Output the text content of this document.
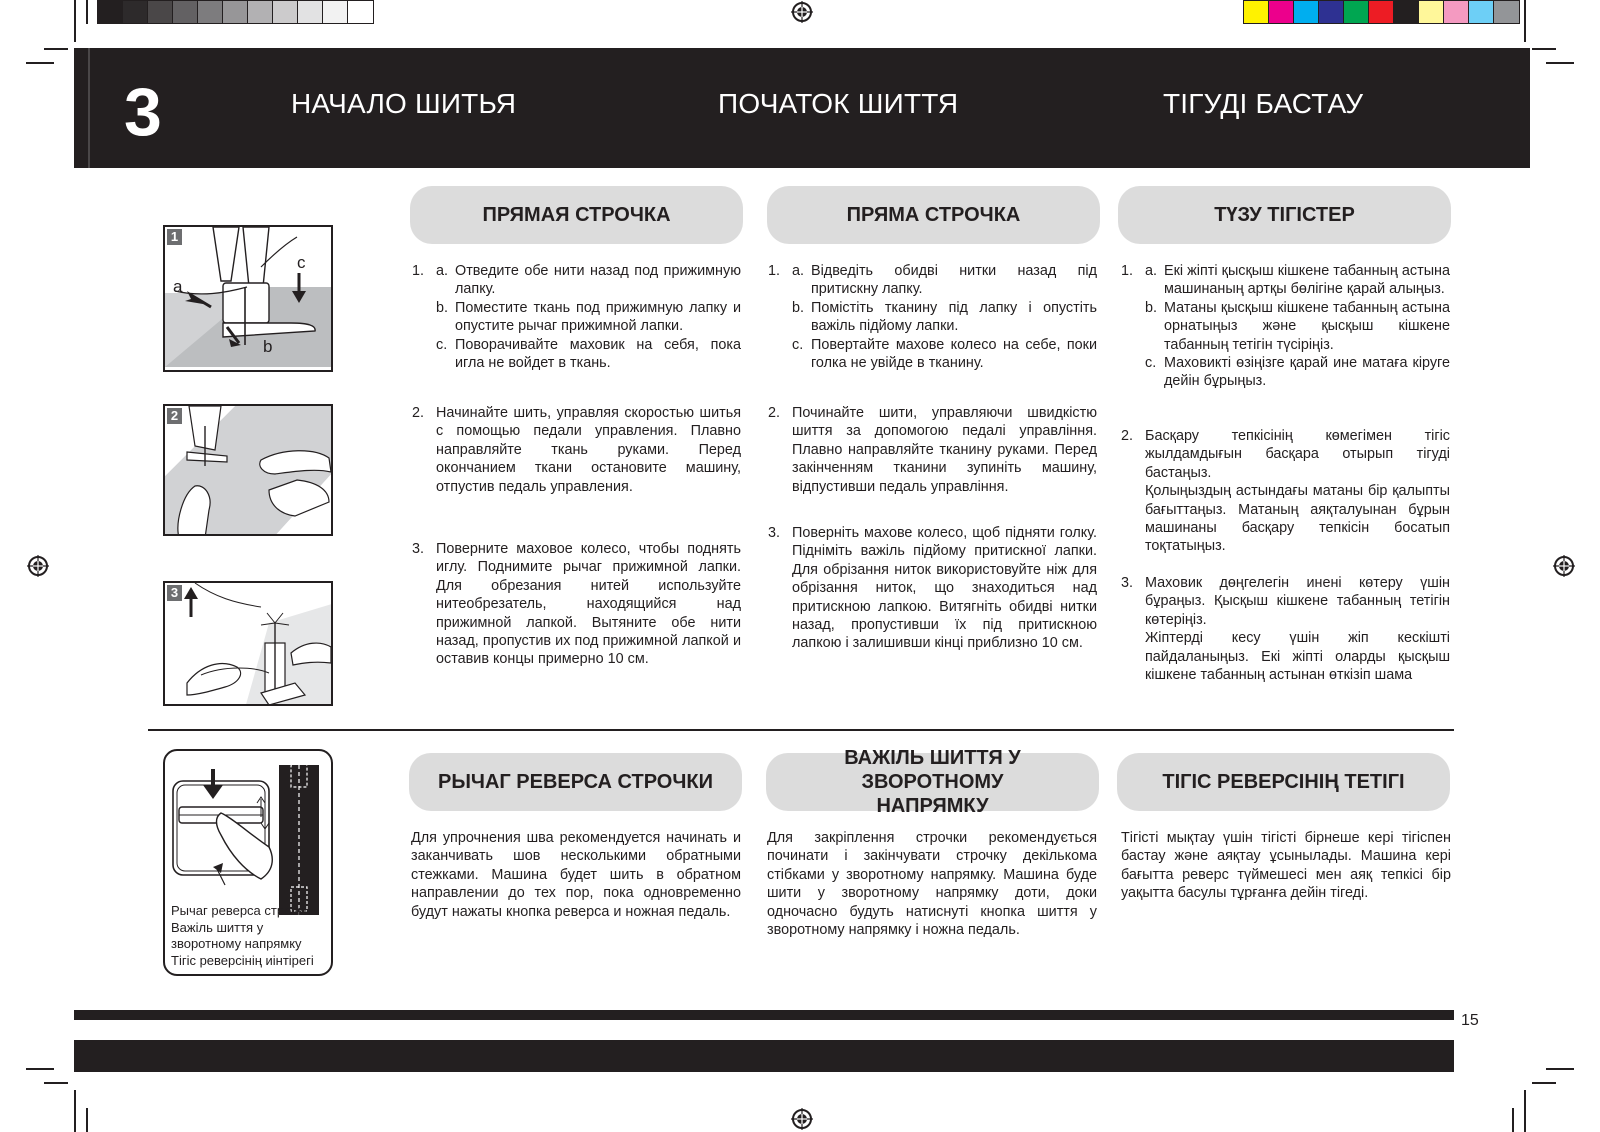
3	НАЧАЛО ШИТЬЯ	ПОЧАТОК ШИТТЯ	ТІГУДІ БАСТАУ
ПРЯМАЯ СТРОЧКА	ПРЯМА СТРОЧКА	ТҮЗУ ТІГІСТЕР
1
a
b
c
2
3
1. a. Отведите обе нити назад под прижимную лапку.
b. Поместите ткань под прижимную лапку и опустите рычаг прижимной лапки.
c. Поворачивайте маховик на себя, пока игла не войдет в ткань.
2. Начинайте шить, управляя скоростью шитья с помощью педали управления. Плавно направляйте ткань руками. Перед окончанием ткани остановите машину, отпустив педаль управления.
3. Поверните маховое колесо, чтобы поднять иглу. Поднимите рычаг прижимной лапки. Для обрезания нитей используйте нитеобрезатель, находящийся над прижимной лапкой. Вытяните обе нити назад, пропустив их под прижимной лапкой и оставив концы примерно 10 см.
1. a. Відведіть обидві нитки назад під притискну лапку.
b. Помістіть тканину під лапку і опустіть важіль підйому лапки.
c. Повертайте махове колесо на себе, поки голка не увійде в тканину.
2. Починайте шити, управляючи швидкістю шиття за допомогою педалі управління. Плавно направляйте тканину руками. Перед закінченням тканини зупиніть машину, відпустивши педаль управління.
3. Поверніть махове колесо, щоб підняти голку. Підніміть важіль підйому притискної лапки. Для обрізання ниток використовуйте ніж для обрізання ниток, що знаходиться над притискною лапкою. Витягніть обидві нитки назад, пропустивши їх під притискною лапкою і залишивши кінці приблизно 10 см.
1. a. Екі жіпті қысқыш кішкене табанның астына машинаның артқы бөлігіне қарай алыңыз.
b. Матаны қысқыш кішкене табанның астына орнатыңыз және қысқыш кішкене табанның тетігін түсіріңіз.
c. Маховикті өзіңізге қарай ине матаға кіруге дейін бұрыңыз.
2. Басқару тепкісінің көмегімен тігіс жылдамдығын басқара отырып тігуді бастаңыз.
Қолыңыздың астындағы матаны бір қалыпты бағыттаңыз. Матаның аяқталуынан бұрын машинаны басқару тепкісін босатып тоқтатыңыз.
3. Маховик дөңгелегін инені көтеру үшін бұраңыз. Қысқыш кішкене табанның тетігін көтеріңіз.
Жіптерді кесу үшін жіп кескішті пайдаланыңыз. Екі жіпті оларды қысқыш кішкене табанның астынан өткізіп шама
Рычаг реверса строчки
Важіль шиття у
зворотному напрямку
Тігіс реверсінің иінтірегі
РЫЧАГ РЕВЕРСА СТРОЧКИ
ВАЖІЛЬ ШИТТЯ У ЗВОРОТНОМУ НАПРЯМКУ
ТІГІС РЕВЕРСІНІҢ ТЕТІГІ
Для упрочнения шва рекомендуется начинать и заканчивать шов несколькими обратными стежками. Машина будет шить в обратном направлении до тех пор, пока одновременно будут нажаты кнопка реверса и ножная педаль.
Для закріплення строчки рекомендується починати і закінчувати строчку декількома стібками у зворотному напрямку. Машина буде шити у зворотному напрямку доти, доки одночасно будуть натиснуті кнопка шиття у зворотному напрямку і ножна педаль.
Тігісті мықтау үшін тігісті бірнеше кері тігіспен бастау және аяқтау ұсынылады. Машина кері бағытта реверс түймешесі мен аяқ тепкісі бір уақытта басулы тұрғанға дейін тігеді.
15
